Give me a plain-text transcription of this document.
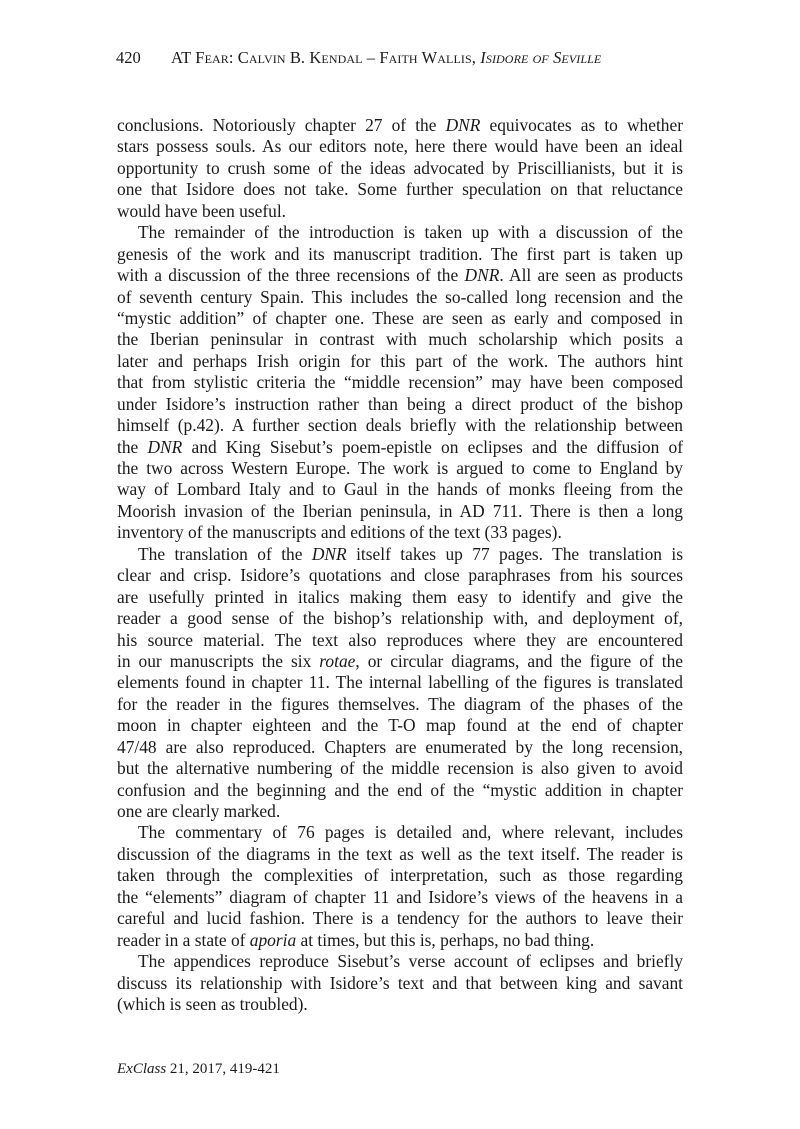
420 AT Fear: Calvin B. Kendal – Faith Wallis, Isidore of Seville
conclusions. Notoriously chapter 27 of the DNR equivocates as to whether
stars possess souls. As our editors note, here there would have been an ideal
opportunity to crush some of the ideas advocated by Priscillianists, but it is
one that Isidore does not take. Some further speculation on that reluctance
would have been useful.
The remainder of the introduction is taken up with a discussion of the
genesis of the work and its manuscript tradition. The first part is taken up
with a discussion of the three recensions of the DNR. All are seen as products
of seventh century Spain. This includes the so-called long recension and the
“mystic addition” of chapter one. These are seen as early and composed in
the Iberian peninsular in contrast with much scholarship which posits a
later and perhaps Irish origin for this part of the work. The authors hint
that from stylistic criteria the “middle recension” may have been composed
under Isidore’s instruction rather than being a direct product of the bishop
himself (p.42). A further section deals briefly with the relationship between
the DNR and King Sisebut’s poem-epistle on eclipses and the diffusion of
the two across Western Europe. The work is argued to come to England by
way of Lombard Italy and to Gaul in the hands of monks fleeing from the
Moorish invasion of the Iberian peninsula, in AD 711. There is then a long
inventory of the manuscripts and editions of the text (33 pages).
The translation of the DNR itself takes up 77 pages. The translation is
clear and crisp. Isidore’s quotations and close paraphrases from his sources
are usefully printed in italics making them easy to identify and give the
reader a good sense of the bishop’s relationship with, and deployment of,
his source material. The text also reproduces where they are encountered
in our manuscripts the six rotae, or circular diagrams, and the figure of the
elements found in chapter 11. The internal labelling of the figures is translated
for the reader in the figures themselves. The diagram of the phases of the
moon in chapter eighteen and the T-O map found at the end of chapter
47/48 are also reproduced. Chapters are enumerated by the long recension,
but the alternative numbering of the middle recension is also given to avoid
confusion and the beginning and the end of the “mystic addition in chapter
one are clearly marked.
The commentary of 76 pages is detailed and, where relevant, includes
discussion of the diagrams in the text as well as the text itself. The reader is
taken through the complexities of interpretation, such as those regarding
the “elements” diagram of chapter 11 and Isidore’s views of the heavens in a
careful and lucid fashion. There is a tendency for the authors to leave their
reader in a state of aporia at times, but this is, perhaps, no bad thing.
The appendices reproduce Sisebut’s verse account of eclipses and briefly
discuss its relationship with Isidore’s text and that between king and savant
(which is seen as troubled).
ExClass 21, 2017, 419-421
